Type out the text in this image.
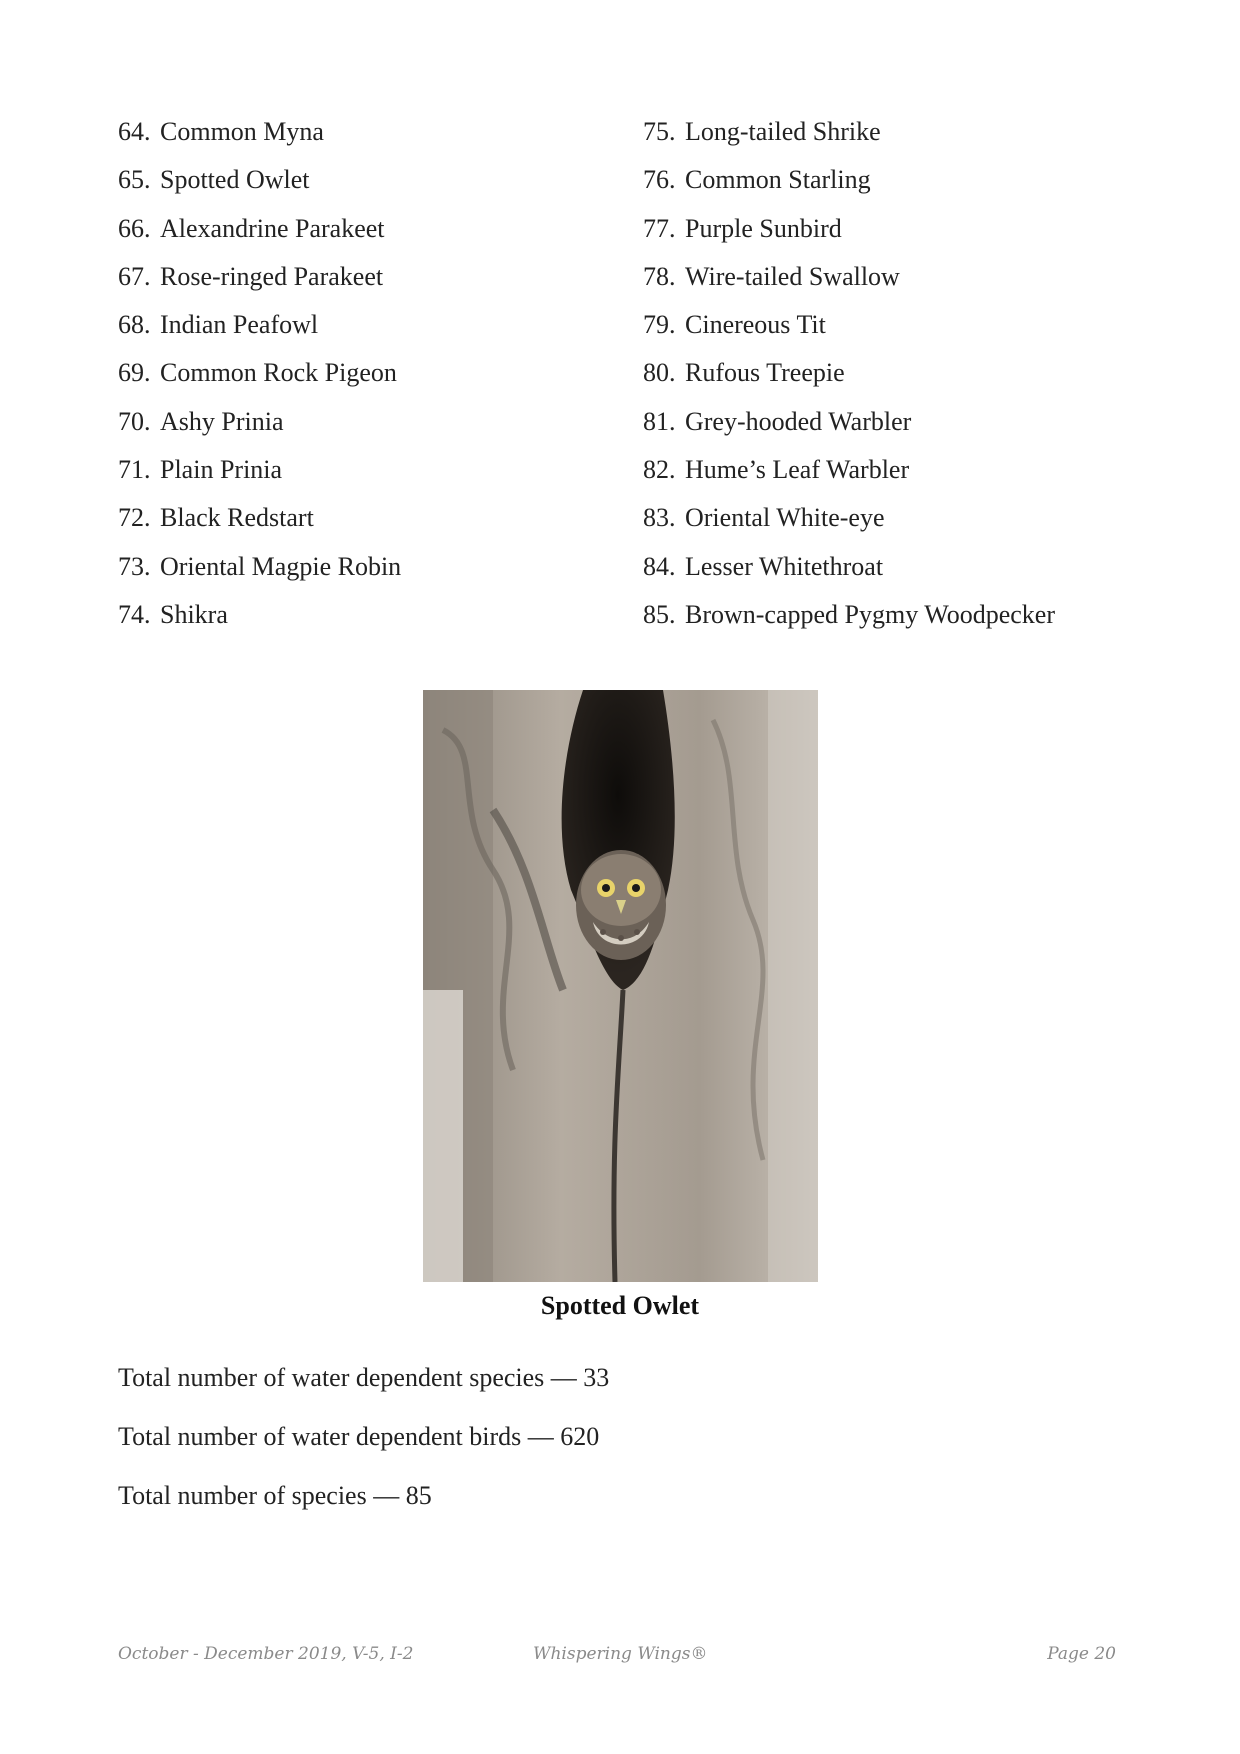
64. Common Myna
65. Spotted Owlet
66. Alexandrine Parakeet
67. Rose-ringed Parakeet
68. Indian Peafowl
69. Common Rock Pigeon
70. Ashy Prinia
71. Plain Prinia
72. Black Redstart
73. Oriental Magpie Robin
74. Shikra
75. Long-tailed Shrike
76. Common Starling
77. Purple Sunbird
78. Wire-tailed Swallow
79. Cinereous Tit
80. Rufous Treepie
81. Grey-hooded Warbler
82. Hume’s Leaf Warbler
83. Oriental White-eye
84. Lesser Whitethroat
85. Brown-capped Pygmy Woodpecker
Spotted Owlet
Total number of water dependent species — 33
Total number of water dependent birds — 620
Total number of species — 85
October - December 2019, V-5, I-2	Whispering Wings®	Page 20
